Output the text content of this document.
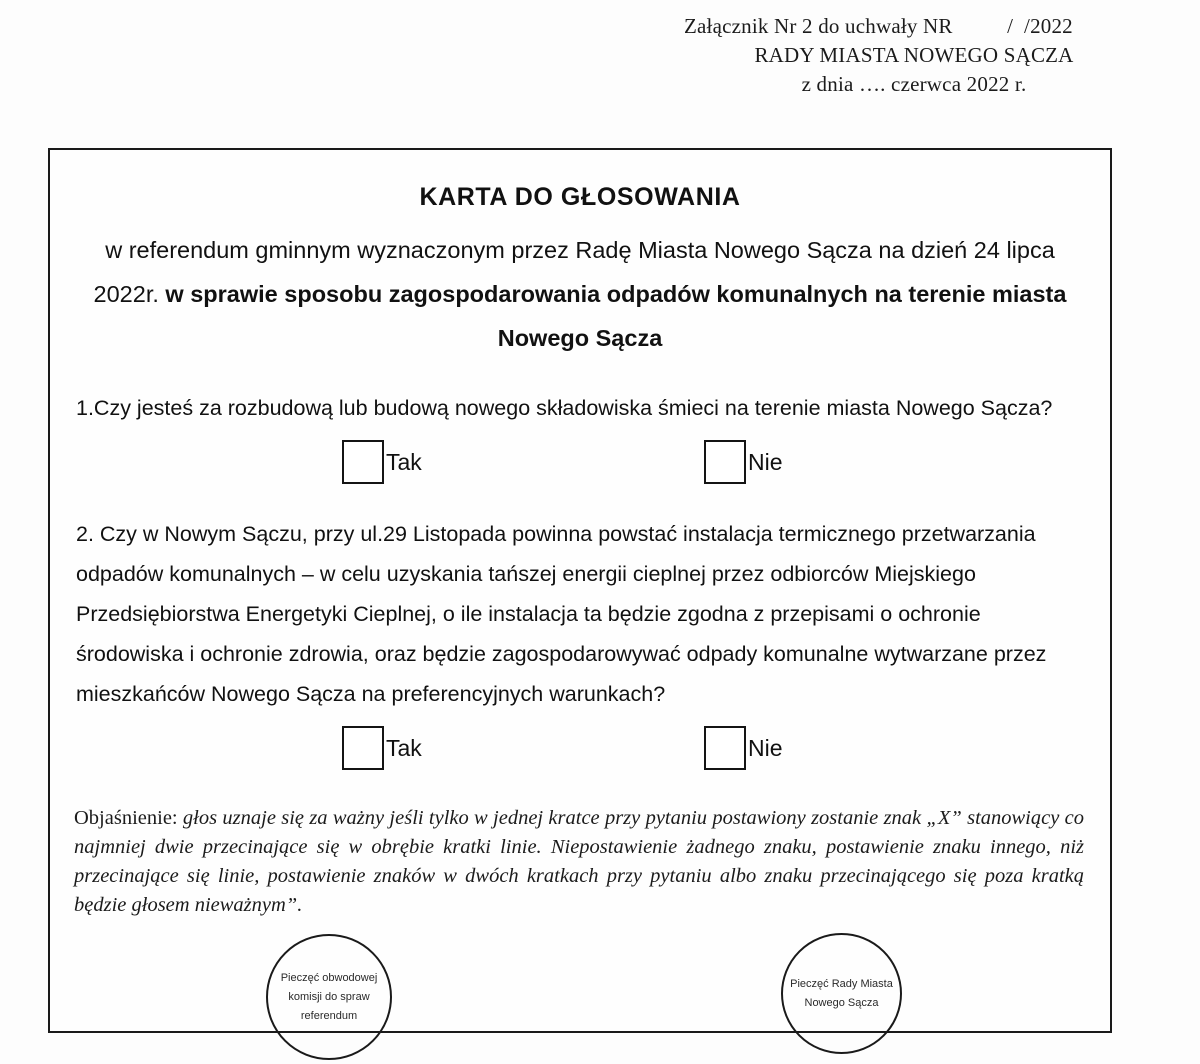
Załącznik Nr 2 do uchwały NR          /  /2022
RADY MIASTA NOWEGO SĄCZA
z dnia …. czerwca 2022 r.
KARTA DO GŁOSOWANIA
w referendum gminnym wyznaczonym przez Radę Miasta Nowego Sącza na dzień 24 lipca 2022r. w sprawie sposobu zagospodarowania odpadów komunalnych na terenie miasta Nowego Sącza

1.Czy jesteś za rozbudową lub budową nowego składowiska śmieci na terenie miasta Nowego Sącza?

Tak	Nie

2. Czy w Nowym Sączu, przy ul.29 Listopada powinna powstać instalacja termicznego przetwarzania odpadów komunalnych – w celu uzyskania tańszej energii cieplnej przez odbiorców Miejskiego Przedsiębiorstwa Energetyki Cieplnej, o ile instalacja ta będzie zgodna z przepisami o ochronie środowiska i ochronie zdrowia, oraz będzie zagospodarowywać odpady komunalne wytwarzane przez mieszkańców Nowego Sącza na preferencyjnych warunkach?

Tak	Nie
Objaśnienie: głos uznaje się za ważny jeśli tylko w jednej kratce przy pytaniu postawiony zostanie znak „X” stanowiący co najmniej dwie przecinające się w obrębie kratki linie. Niepostawienie żadnego znaku, postawienie znaku innego, niż przecinające się linie, postawienie znaków w dwóch kratkach przy pytaniu albo znaku przecinającego się poza kratką będzie głosem nieważnym”.
Pieczęć obwodowej komisji do spraw referendum
Pieczęć Rady Miasta Nowego Sącza
